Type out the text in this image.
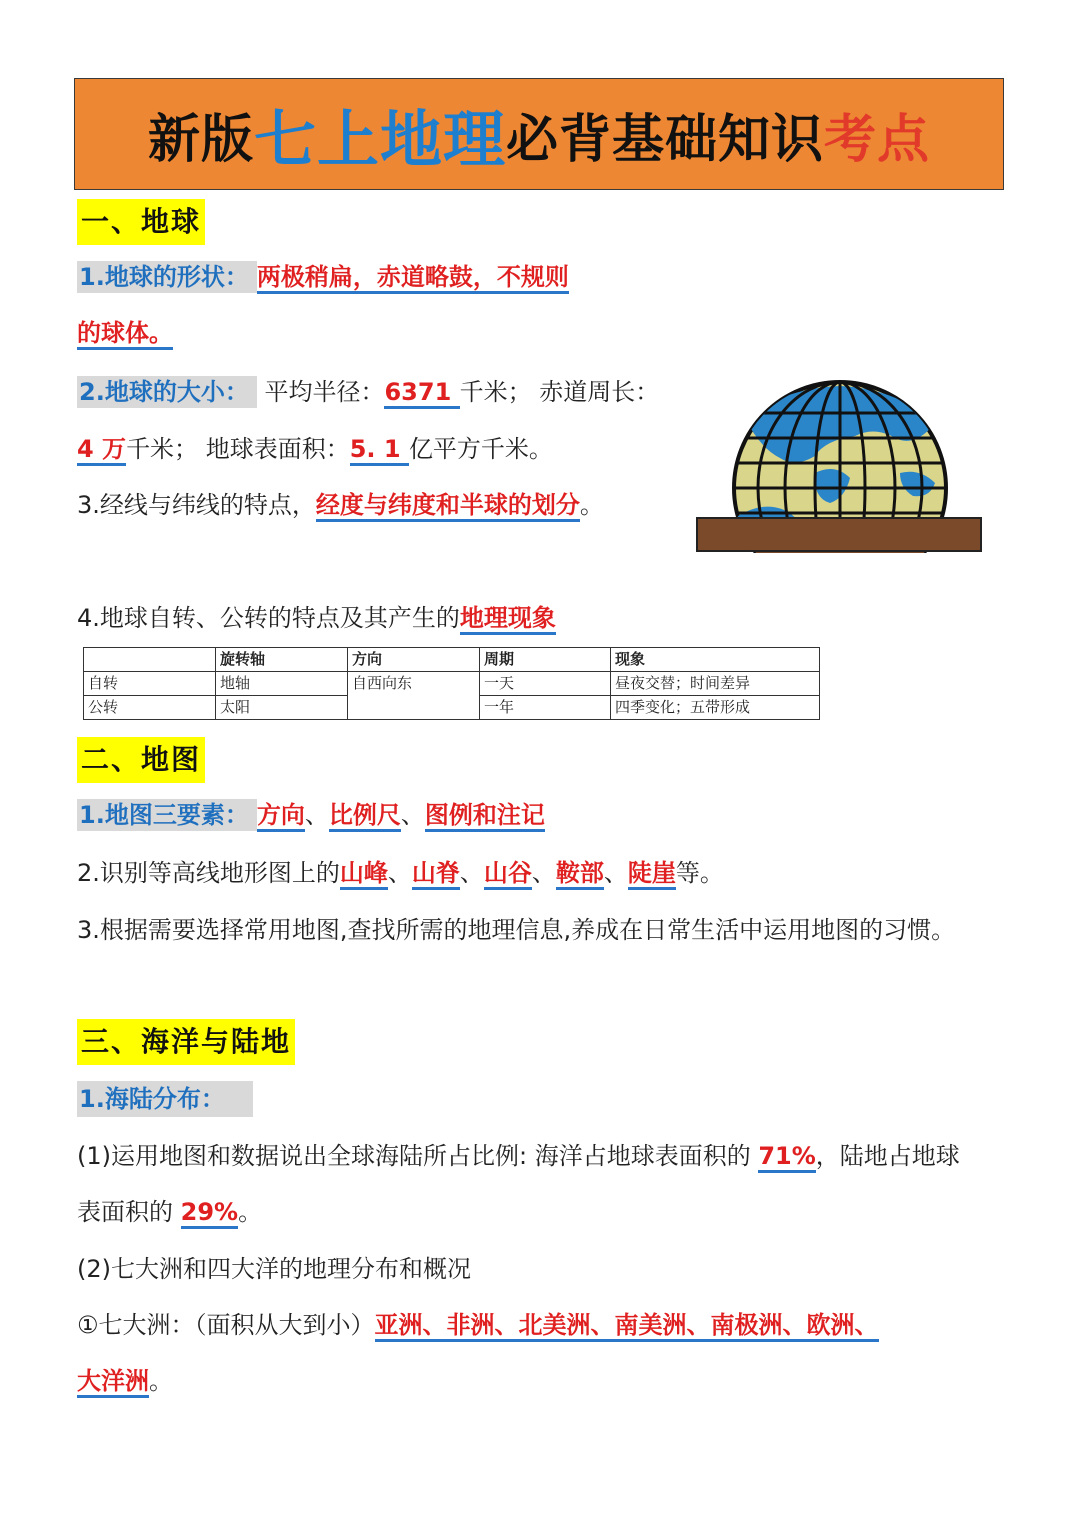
新版 七上地理 必背基础知识 考点
一、地球
1.地球的形状： 两极稍扁，赤道略鼓，不规则
的球体。
2.地球的大小： 平均半径：6371 千米； 赤道周长：
4 万千米； 地球表面积：5. 1 亿平方千米。
3.经线与纬线的特点，经度与纬度和半球的划分。
4.地球自转、公转的特点及其产生的地理现象
	旋转轴	方向	周期	现象
自转	地轴	自西向东	一天	昼夜交替；时间差异
公转	太阳		一年	四季变化；五带形成
二、地图
1.地图三要素： 方向、比例尺、图例和注记
2.识别等高线地形图上的山峰、山脊、山谷、鞍部、陡崖等。
3.根据需要选择常用地图,查找所需的地理信息,养成在日常生活中运用地图的习惯。
三、海洋与陆地
1.海陆分布：
(1)运用地图和数据说出全球海陆所占比例: 海洋占地球表面积的 71%，陆地占地球
表面积的 29%。
(2)七大洲和四大洋的地理分布和概况
①七大洲：（面积从大到小）亚洲、非洲、北美洲、南美洲、南极洲、欧洲、
大洋洲。
